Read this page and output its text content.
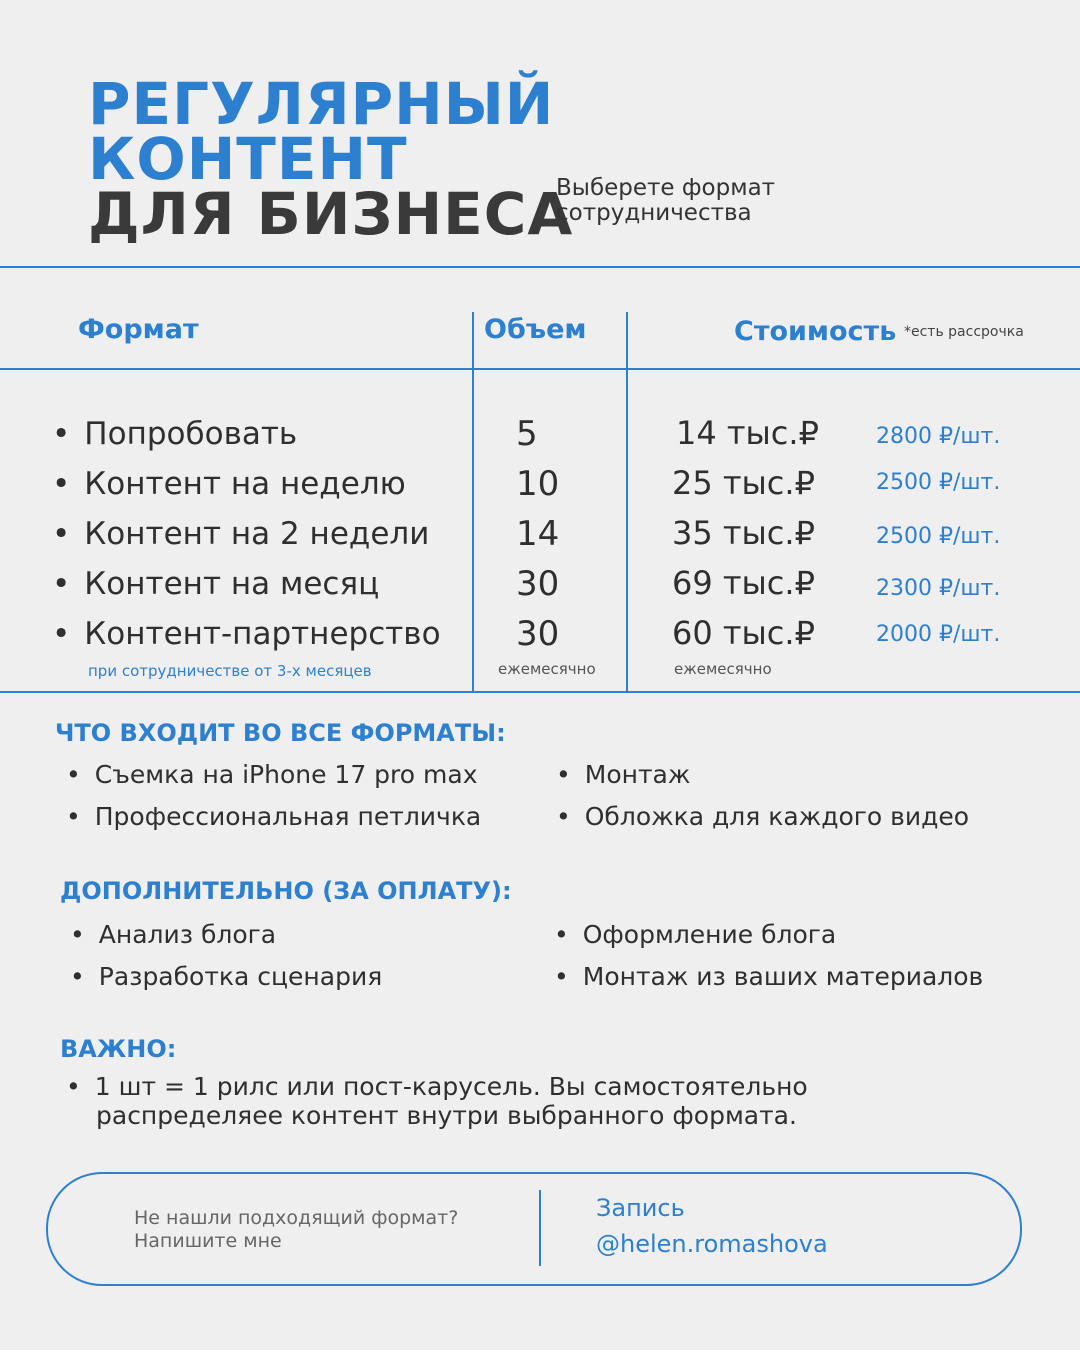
РЕГУЛЯРНЫЙ
КОНТЕНТ
ДЛЯ БИЗНЕСА
Выберете формат
сотрудничества
Формат	Объем	Стоимость *есть рассрочка
• Попробовать
• Контент на неделю
• Контент на 2 недели
• Контент на месяц
• Контент-партнерство
при сотрудничестве от 3-х месяцев
5
10
14
30
30
ежемесячно
14 тыс.₽
25 тыс.₽
35 тыс.₽
69 тыс.₽
60 тыс.₽
ежемесячно
2800 ₽/шт.
2500 ₽/шт.
2500 ₽/шт.
2300 ₽/шт.
2000 ₽/шт.
ЧТО ВХОДИТ ВО ВСЕ ФОРМАТЫ:
• Съемка на iPhone 17 pro max
• Профессиональная петличка
• Монтаж
• Обложка для каждого видео
ДОПОЛНИТЕЛЬНО (ЗА ОПЛАТУ):
• Анализ блога
• Разработка сценария
• Оформление блога
• Монтаж из ваших материалов
ВАЖНО:
• 1 шт = 1 рилс или пост-карусель. Вы самостоятельно
распределяее контент внутри выбранного формата.
Не нашли подходящий формат?
Напишите мне
Запись
@helen.romashova
